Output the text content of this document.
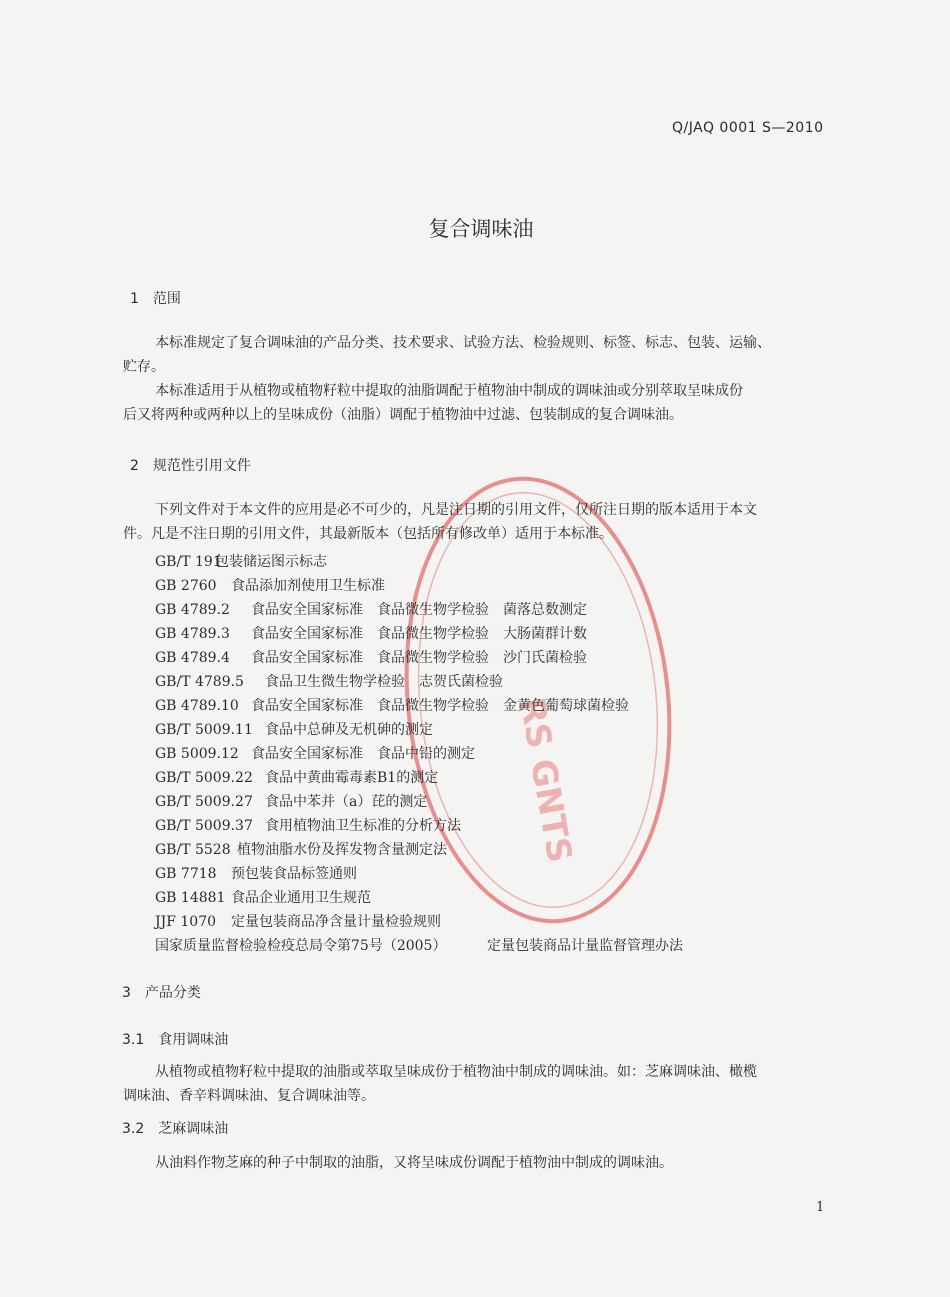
RS GNTS
Q/JAQ 0001 S—2010
复合调味油
1　范围
本标准规定了复合调味油的产品分类、技术要求、试验方法、检验规则、标签、标志、包装、运输、
贮存。
本标准适用于从植物或植物籽粒中提取的油脂调配于植物油中制成的调味油或分别萃取呈味成份
后又将两种或两种以上的呈味成份（油脂）调配于植物油中过滤、包装制成的复合调味油。
2　规范性引用文件
下列文件对于本文件的应用是必不可少的，凡是注日期的引用文件，仅所注日期的版本适用于本文
件。凡是不注日期的引用文件，其最新版本（包括所有修改单）适用于本标准。
GB/T 191包装储运图示标志
GB 2760 食品添加剂使用卫生标准
GB 4789.2 食品安全国家标准　食品微生物学检验　菌落总数测定
GB 4789.3 食品安全国家标准　食品微生物学检验　大肠菌群计数
GB 4789.4 食品安全国家标准　食品微生物学检验　沙门氏菌检验
GB/T 4789.5 食品卫生微生物学检验　志贺氏菌检验
GB 4789.10 食品安全国家标准　食品微生物学检验　金黄色葡萄球菌检验
GB/T 5009.11 食品中总砷及无机砷的测定
GB 5009.12 食品安全国家标准　食品中铅的测定
GB/T 5009.22 食品中黄曲霉毒素B1的测定
GB/T 5009.27 食品中苯并（a）芘的测定
GB/T 5009.37 食用植物油卫生标准的分析方法
GB/T 5528 植物油脂水份及挥发物含量测定法
GB 7718 预包装食品标签通则
GB 14881 食品企业通用卫生规范
JJF 1070 定量包装商品净含量计量检验规则
国家质量监督检验检疫总局令第75号（2005）	定量包装商品计量监督管理办法
3　产品分类
3.1　食用调味油
从植物或植物籽粒中提取的油脂或萃取呈味成份于植物油中制成的调味油。如：芝麻调味油、橄榄
调味油、香辛料调味油、复合调味油等。
3.2　芝麻调味油
从油料作物芝麻的种子中制取的油脂，又将呈味成份调配于植物油中制成的调味油。
1
